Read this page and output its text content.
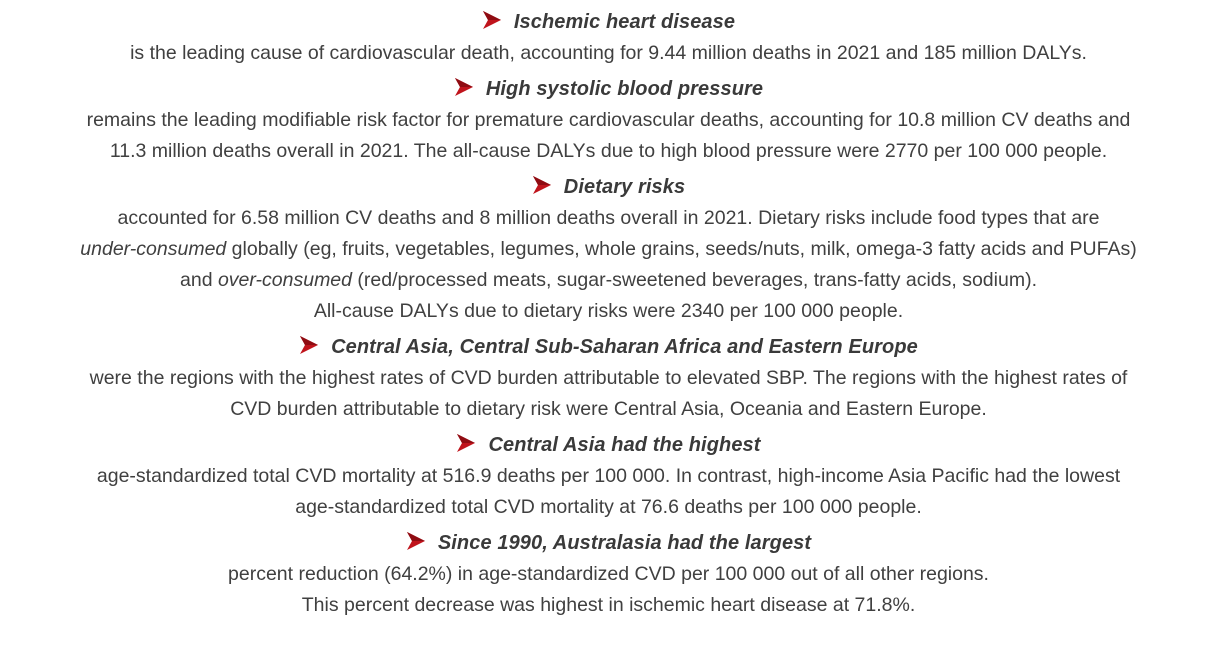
Ischemic heart disease
is the leading cause of cardiovascular death, accounting for 9.44 million deaths in 2021 and 185 million DALYs.
High systolic blood pressure
remains the leading modifiable risk factor for premature cardiovascular deaths, accounting for 10.8 million CV deaths and
11.3 million deaths overall in 2021. The all-cause DALYs due to high blood pressure were 2770 per 100 000 people.
Dietary risks
accounted for 6.58 million CV deaths and 8 million deaths overall in 2021. Dietary risks include food types that are
under-consumed globally (eg, fruits, vegetables, legumes, whole grains, seeds/nuts, milk, omega-3 fatty acids and PUFAs)
and over-consumed (red/processed meats, sugar-sweetened beverages, trans-fatty acids, sodium).
All-cause DALYs due to dietary risks were 2340 per 100 000 people.
Central Asia, Central Sub-Saharan Africa and Eastern Europe
were the regions with the highest rates of CVD burden attributable to elevated SBP. The regions with the highest rates of
CVD burden attributable to dietary risk were Central Asia, Oceania and Eastern Europe.
Central Asia had the highest
age-standardized total CVD mortality at 516.9 deaths per 100 000. In contrast, high-income Asia Pacific had the lowest
age-standardized total CVD mortality at 76.6 deaths per 100 000 people.
Since 1990, Australasia had the largest
percent reduction (64.2%) in age-standardized CVD per 100 000 out of all other regions.
This percent decrease was highest in ischemic heart disease at 71.8%.
